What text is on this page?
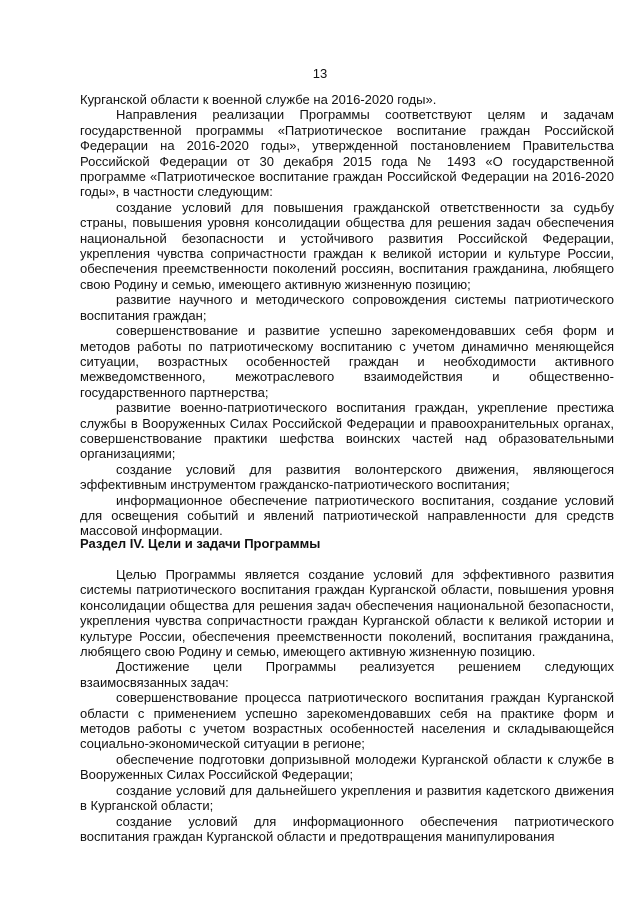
13

Курганской области к военной службе на 2016-2020 годы».

Направления реализации Программы соответствуют целям и задачам государственной программы «Патриотическое воспитание граждан Российской Федерации на 2016-2020 годы», утвержденной постановлением Правительства Российской Федерации от 30 декабря 2015 года № 1493 «О государственной программе «Патриотическое воспитание граждан Российской Федерации на 2016-2020 годы», в частности следующим:

создание условий для повышения гражданской ответственности за судьбу страны, повышения уровня консолидации общества для решения задач обеспечения национальной безопасности и устойчивого развития Российской Федерации, укрепления чувства сопричастности граждан к великой истории и культуре России, обеспечения преемственности поколений россиян, воспитания гражданина, любящего свою Родину и семью, имеющего активную жизненную позицию;

развитие научного и методического сопровождения системы патриотического воспитания граждан;

совершенствование и развитие успешно зарекомендовавших себя форм и методов работы по патриотическому воспитанию с учетом динамично меняющейся ситуации, возрастных особенностей граждан и необходимости активного межведомственного, межотраслевого взаимодействия и общественно-государственного партнерства;

развитие военно-патриотического воспитания граждан, укрепление престижа службы в Вооруженных Силах Российской Федерации и правоохранительных органах, совершенствование практики шефства воинских частей над образовательными организациями;

создание условий для развития волонтерского движения, являющегося эффективным инструментом гражданско-патриотического воспитания;

информационное обеспечение патриотического воспитания, создание условий для освещения событий и явлений патриотической направленности для средств массовой информации.

Раздел IV. Цели и задачи Программы

Целью Программы является создание условий для эффективного развития системы патриотического воспитания граждан Курганской области, повышения уровня консолидации общества для решения задач обеспечения национальной безопасности, укрепления чувства сопричастности граждан Курганской области к великой истории и культуре России, обеспечения преемственности поколений, воспитания гражданина, любящего свою Родину и семью, имеющего активную жизненную позицию.

Достижение цели Программы реализуется решением следующих взаимосвязанных задач:

совершенствование процесса патриотического воспитания граждан Курганской области с применением успешно зарекомендовавших себя на практике форм и методов работы с учетом возрастных особенностей населения и складывающейся социально-экономической ситуации в регионе;

обеспечение подготовки допризывной молодежи Курганской области к службе в Вооруженных Силах Российской Федерации;

создание условий для дальнейшего укрепления и развития кадетского движения в Курганской области;

создание условий для информационного обеспечения патриотического воспитания граждан Курганской области и предотвращения манипулирования
